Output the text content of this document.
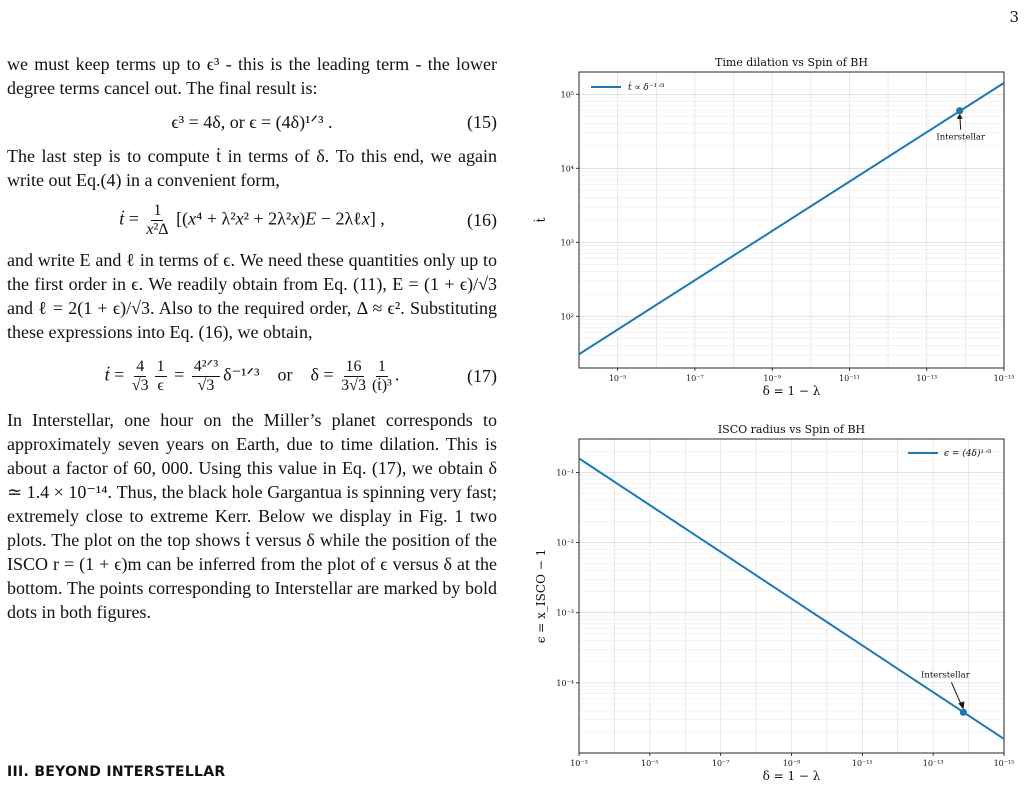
3

we must keep terms up to ϵ³ - this is the leading term - the lower degree terms cancel out. The final result is:

ϵ³ = 4δ, or ϵ = (4δ)¹ᐟ³ .	(15)

The last step is to compute ṫ in terms of δ. To this end, we again write out Eq.(4) in a convenient form,

ṫ = $\frac{1}{\text{x²Δ}} [(x^4 + \lambda^2x^2 + 2\lambda^2x)E$ − 2λℓx] ,	(16)

and write E and ℓ in terms of ϵ. We need these quantities only up to the first order in ϵ. We readily obtain from Eq. (11), E = (1 + ϵ)/√3 and ℓ = 2(1 + ϵ)/√3. Also to the required order, Δ ≈ ϵ². Substituting these expressions into Eq. (16), we obtain,

ṫ = $\frac{4}{√3} \frac{1}{\epsilon} = \frac{\text{4²ᐟ³}}{√3}$ δ⁻¹ᐟ³    or    $\delta = \frac{16}{3√3} \frac{1}{\text{(ṫ)³}}$ .	(17)

In Interstellar, one hour on the Miller’s planet corresponds to approximately seven years on Earth, due to time dilation. This is about a factor of 60, 000. Using this value in Eq. (17), we obtain δ ≃ 1.4 × 10⁻¹⁴. Thus, the black hole Gargantua is spinning very fast; extremely close to extreme Kerr. Below we display in Fig. 1 two plots. The plot on the top shows ṫ versus δ while the position of the ISCO r = (1 + ϵ)m can be inferred from the plot of ϵ versus δ at the bottom. The points corresponding to Interstellar are marked by bold dots in both figures.

III. BEYOND INTERSTELLAR
Time dilation vs Spin of BH
10⁻⁵	10⁻⁷	10⁻⁹	10⁻¹¹	10⁻¹³	10⁻¹⁵
10⁵
10⁴
10³
10²
δ = 1 − λ
ṫ
Interstellar
ṫ ∝ δ⁻¹ᐟ³
ISCO radius vs Spin of BH
10⁻³	10⁻⁵	10⁻⁷	10⁻⁹	10⁻¹¹	10⁻¹³	10⁻¹⁵
10⁻¹
10⁻²
10⁻³
10⁻⁴
δ = 1 − λ
ϵ = x_ISCO − 1
Interstellar
ϵ = (4δ)¹ᐟ³
